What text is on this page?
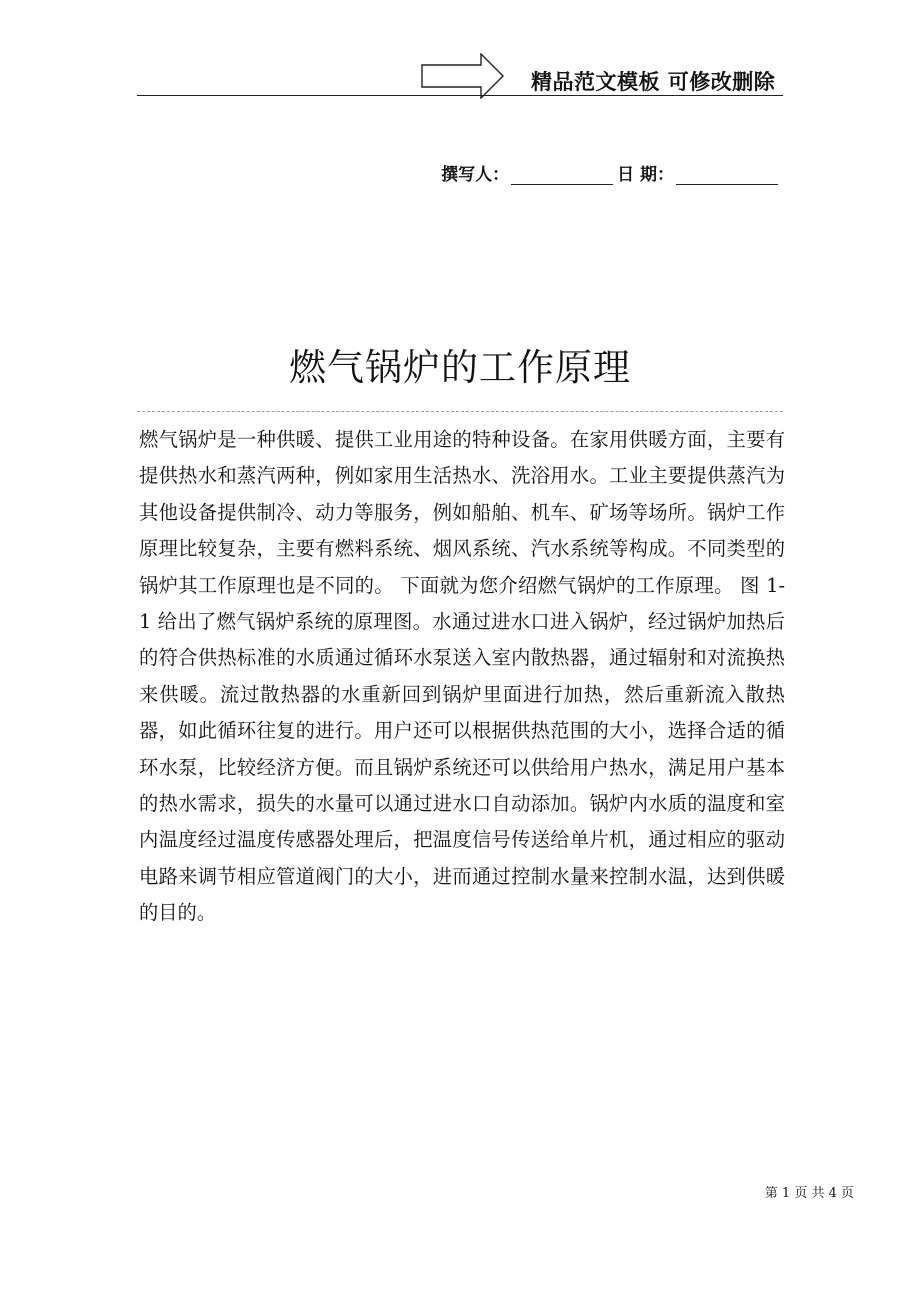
精品范文模板 可修改删除
撰写人：	日 期：
燃气锅炉的工作原理

燃气锅炉是一种供暖、提供工业用途的特种设备。在家用供暖方面，主要有提供热水和蒸汽两种，例如家用生活热水、洗浴用水。工业主要提供蒸汽为其他设备提供制冷、动力等服务，例如船舶、机车、矿场等场所。锅炉工作原理比较复杂，主要有燃料系统、烟风系统、汽水系统等构成。不同类型的锅炉其工作原理也是不同的。 下面就为您介绍燃气锅炉的工作原理。 图 1-1 给出了燃气锅炉系统的原理图。水通过进水口进入锅炉，经过锅炉加热后的符合供热标准的水质通过循环水泵送入室内散热器，通过辐射和对流换热来供暖。流过散热器的水重新回到锅炉里面进行加热，然后重新流入散热器，如此循环往复的进行。用户还可以根据供热范围的大小，选择合适的循环水泵，比较经济方便。而且锅炉系统还可以供给用户热水，满足用户基本的热水需求，损失的水量可以通过进水口自动添加。锅炉内水质的温度和室内温度经过温度传感器处理后，把温度信号传送给单片机，通过相应的驱动电路来调节相应管道阀门的大小，进而通过控制水量来控制水温，达到供暖的目的。

第 1 页 共 4 页
